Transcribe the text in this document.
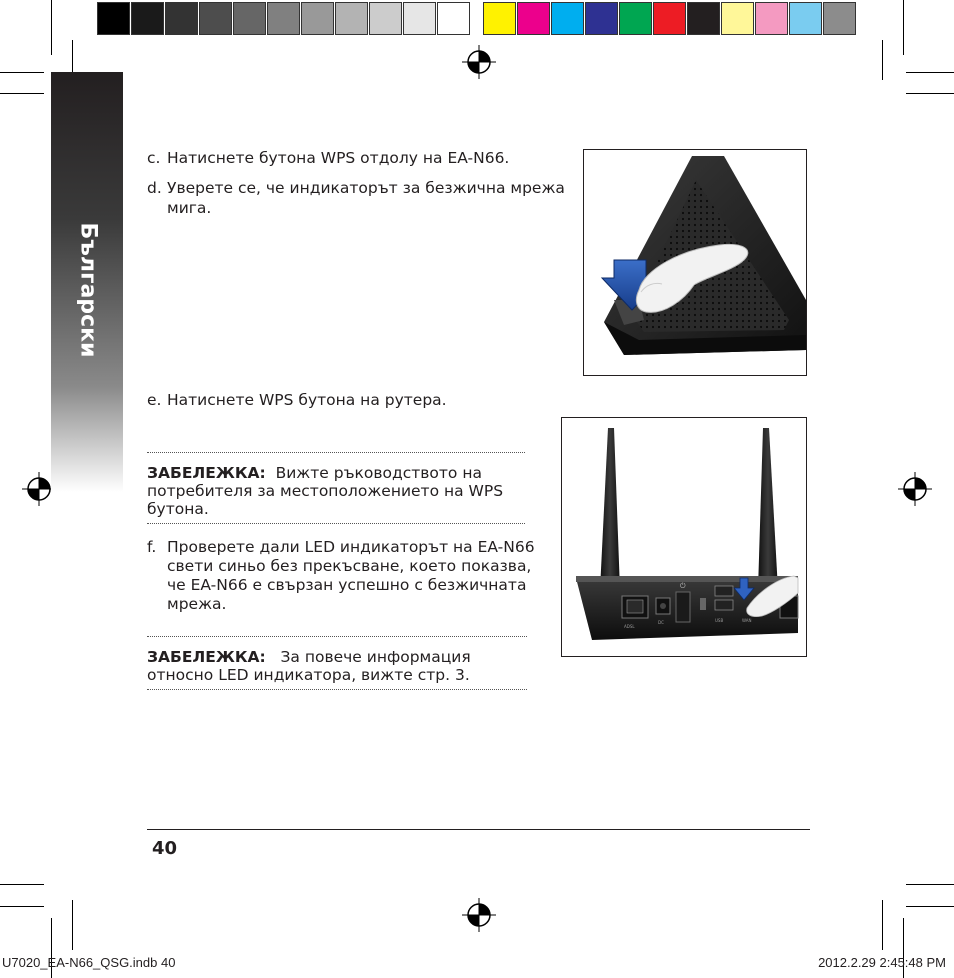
Български
c. Натиснете бутона WPS отдолу на EA-N66.
d. Уверете се, че индикаторът за безжична мрежа
мига.
e. Натиснете WPS бутона на рутера.
ЗАБЕЛЕЖКА: Вижте ръководството на
потребителя за местоположението на WPS
бутона.
f. Проверете дали LED индикаторът на EA-N66
свети синьо без прекъсване, което показва,
че EA-N66 е свързан успешно с безжичната
мрежа.
ADSL
DC	USB	WAN
⏻
ЗАБЕЛЕЖКА: За повече информация
относно LED индикатора, вижте стр. 3.
40
U7020_EA-N66_QSG.indb 40	2012.2.29 2:45:48 PM
